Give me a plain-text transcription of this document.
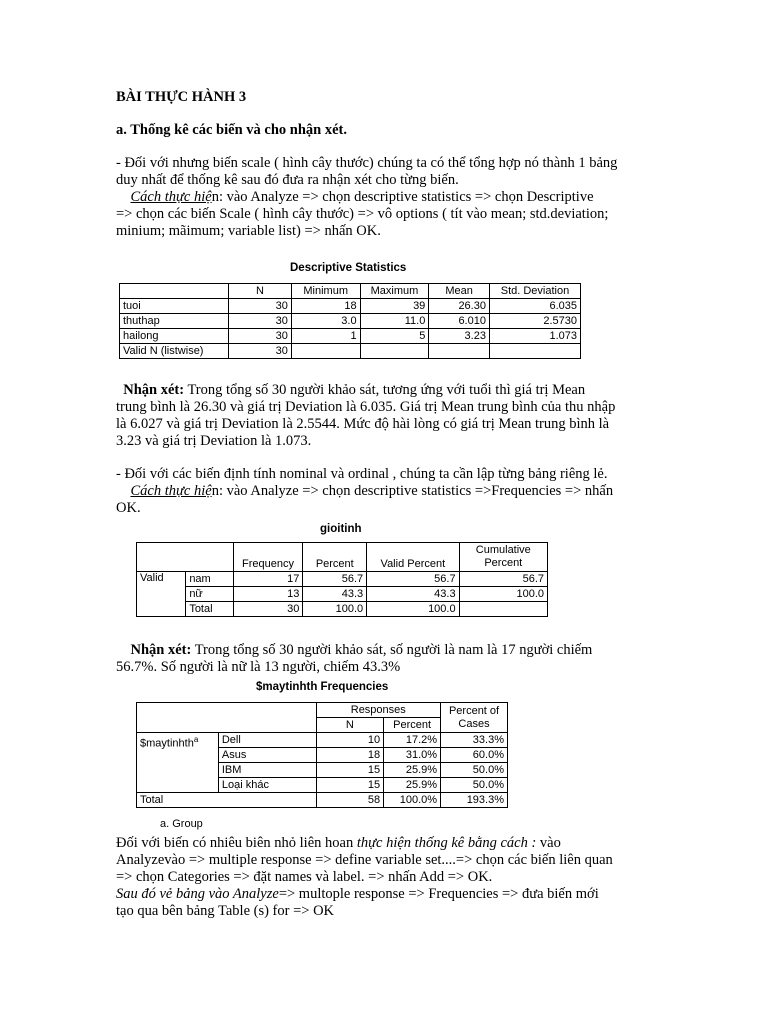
BÀI THỰC HÀNH 3
a. Thống kê các biến và cho nhận xét.
- Đối với nhưng biến scale ( hình cây thước) chúng ta có thể tổng hợp nó thành 1 bảng
duy nhất để thống kê sau đó đưa ra nhận xét cho từng biến.
Cách thực hiện: vào Analyze => chọn descriptive statistics => chọn Descriptive
=> chọn các biến Scale ( hình cây thước) => vô options ( tít vào mean; std.deviation;
minium; mãimum; variable list) => nhấn OK.
Descriptive Statistics
	N	Minimum	Maximum	Mean	Std. Deviation
tuoi	30	18	39	26.30	6.035
thuthap	30	3.0	11.0	6.010	2.5730
hailong	30	1	5	3.23	1.073
Valid N (listwise)	30				
Nhận xét: Trong tổng số 30 người khảo sát, tương ứng với tuổi thì giá trị Mean
trung bình là 26.30 và giá trị Deviation là 6.035. Giá trị Mean trung bình của thu nhập
là 6.027 và giá trị Deviation là 2.5544. Mức độ hài lòng có giá trị Mean trung bình là
3.23 và giá trị Deviation là 1.073.
- Đối với các biến định tính nominal và ordinal , chúng ta cần lập từng bảng riêng lẻ.
Cách thực hiện: vào Analyze => chọn descriptive statistics =>Frequencies => nhấn
OK.
gioitinh
		Frequency	Percent	Valid Percent	Cumulative
Percent

Valid	nam	17	56.7	56.7	56.7
	nữ	13	43.3	43.3	100.0
	Total	30	100.0	100.0	
Nhận xét: Trong tổng số 30 người khảo sát, số người là nam là 17 người chiếm
56.7%. Số người là nữ là 13 người, chiếm 43.3%
$maytinhth Frequencies
		Responses		Percent of
Cases

		N	Percent	
$maytinhth$^a$	Dell	10	17.2%	33.3%
	Asus	18	31.0%	60.0%
	IBM	15	25.9%	50.0%
	Loại khác	15	25.9%	50.0%
Total		58	100.0%	193.3%
a. Group
Đối với biến có nhiêu biên nhỏ liên hoan thực hiện thống kê bằng cách : vào
Analyzevào => multiple response => define variable set....=> chọn các biến liên quan
=> chọn Categories => đặt names và label. => nhấn Add => OK.
Sau đó vẻ bảng vào Analyze=> multople response => Frequencies => đưa biến mới
tạo qua bên bảng Table (s) for => OK
